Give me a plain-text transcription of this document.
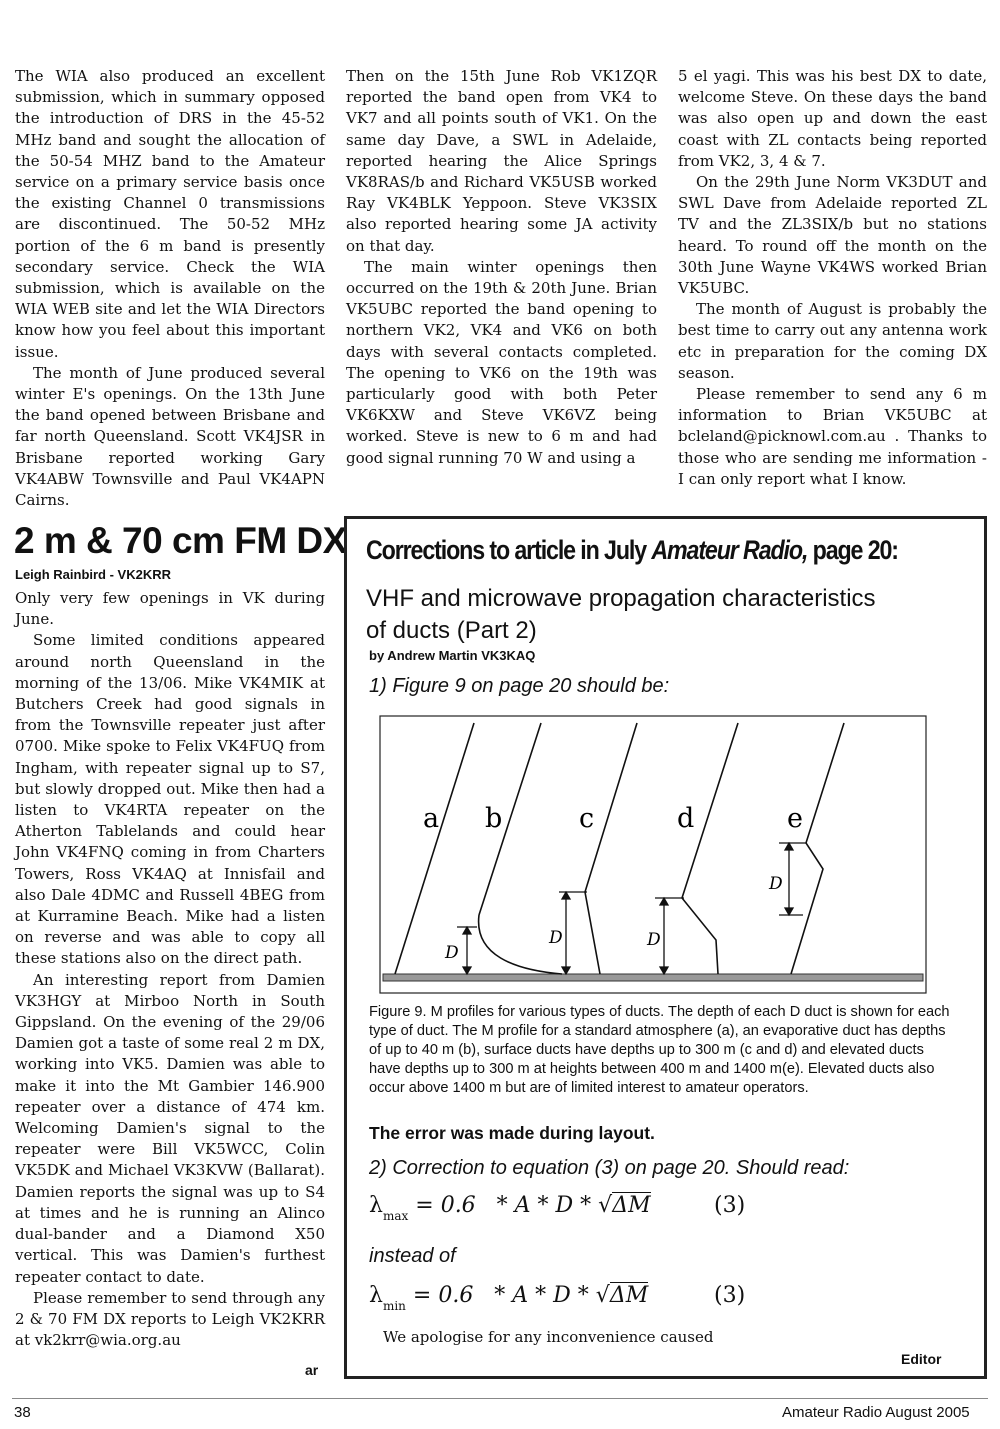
The WIA also produced an excellent submission, which in summary opposed the introduction of DRS in the 45-52 MHz band and sought the allocation of the 50-54 MHZ band to the Amateur service on a primary service basis once the existing Channel 0 transmissions are discontinued. The 50-52 MHz portion of the 6 m band is presently secondary service. Check the WIA submission, which is available on the WIA WEB site and let the WIA Directors know how you feel about this important issue.

The month of June produced several winter E's openings. On the 13th June the band opened between Brisbane and far north Queensland. Scott VK4JSR in Brisbane reported working Gary VK4ABW Townsville and Paul VK4APN Cairns.

Then on the 15th June Rob VK1ZQR reported the band open from VK4 to VK7 and all points south of VK1. On the same day Dave, a SWL in Adelaide, reported hearing the Alice Springs VK8RAS/b and Richard VK5USB worked Ray VK4BLK Yeppoon. Steve VK3SIX also reported hearing some JA activity on that day.

The main winter openings then occurred on the 19th & 20th June. Brian VK5UBC reported the band opening to northern VK2, VK4 and VK6 on both days with several contacts completed. The opening to VK6 on the 19th was particularly good with both Peter VK6KXW and Steve VK6VZ being worked. Steve is new to 6 m and had good signal running 70 W and using a

5 el yagi. This was his best DX to date, welcome Steve. On these days the band was also open up and down the east coast with ZL contacts being reported from VK2, 3, 4 & 7.

On the 29th June Norm VK3DUT and SWL Dave from Adelaide reported ZL TV and the ZL3SIX/b but no stations heard. To round off the month on the 30th June Wayne VK4WS worked Brian VK5UBC.

The month of August is probably the best time to carry out any antenna work etc in preparation for the coming DX season.

Please remember to send any 6 m information to Brian VK5UBC at bcleland@picknowl.com.au . Thanks to those who are sending me information - I can only report what I know.

2 m & 70 cm FM DX
Leigh Rainbird - VK2KRR

Only very few openings in VK during June.

Some limited conditions appeared around north Queensland in the morning of the 13/06. Mike VK4MIK at Butchers Creek had good signals in from the Townsville repeater just after 0700. Mike spoke to Felix VK4FUQ from Ingham, with repeater signal up to S7, but slowly dropped out. Mike then had a listen to VK4RTA repeater on the Atherton Tablelands and could hear John VK4FNQ coming in from Charters Towers, Ross VK4AQ at Innisfail and also Dale 4DMC and Russell 4BEG from at Kurramine Beach. Mike had a listen on reverse and was able to copy all these stations also on the direct path.

An interesting report from Damien VK3HGY at Mirboo North in South Gippsland. On the evening of the 29/06 Damien got a taste of some real 2 m DX, working into VK5. Damien was able to make it into the Mt Gambier 146.900 repeater over a distance of 474 km. Welcoming Damien's signal to the repeater were Bill VK5WCC, Colin VK5DK and Michael VK3KVW (Ballarat). Damien reports the signal was up to S4 at times and he is running an Alinco dual-bander and a Diamond X50 vertical. This was Damien's furthest repeater contact to date.

Please remember to send through any 2 & 70 FM DX reports to Leigh VK2KRR at vk2krr@wia.org.au

ar
Corrections to article in July Amateur Radio, page 20:
VHF and microwave propagation characteristics
of ducts (Part 2)
by Andrew Martin VK3KAQ
1) Figure 9 on page 20 should be:
a b	c	d	e
D
D	D
D
Figure 9. M profiles for various types of ducts. The depth of each D duct is shown for each type of duct. The M profile for a standard atmosphere (a), an evaporative duct has depths of up to 40 m (b), surface ducts have depths up to 300 m (c and d) and elevated ducts have depths up to 300 m at heights between 400 m and 1400 m(e). Elevated ducts also occur above 1400 m but are of limited interest to amateur operators.
The error was made during layout.
2) Correction to equation (3) on page 20. Should read:
$\lambda_{max} = 0.6 * A * D * √\Delta M$	(3)
instead of
$\lambda_{min} = 0.6 * A * D * √\Delta M$	(3)
We apologise for any inconvenience caused
Editor
38	Amateur Radio August 2005
